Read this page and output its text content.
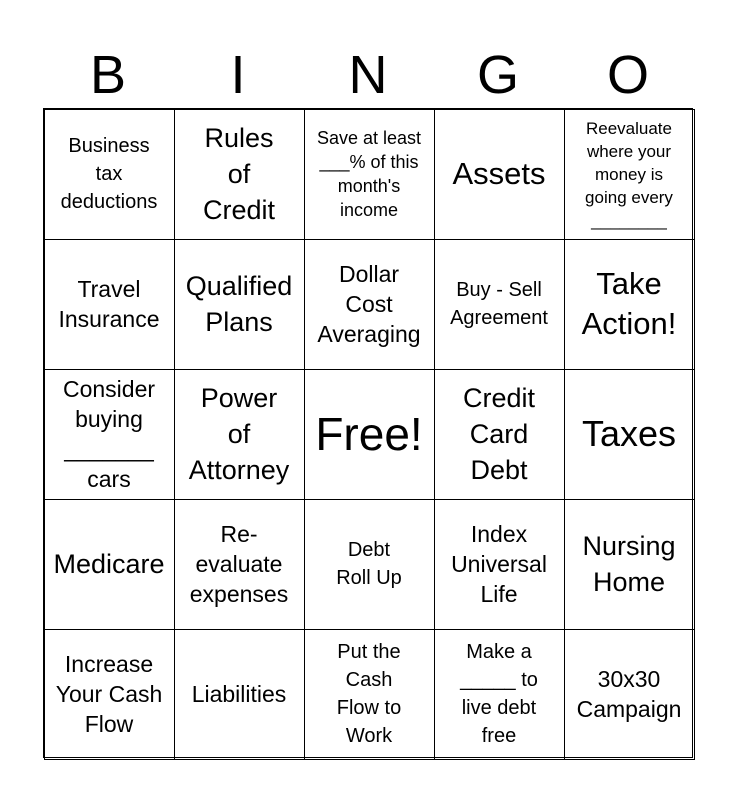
B	I	N	G	O
Business
tax
deductions
Rules
of
Credit
Save at least
___% of this
month's
income
Assets
Reevaluate
where your
money is
going every
________
Travel
Insurance
Qualified
Plans
Dollar
Cost
Averaging
Buy - Sell
Agreement
Take
Action!
Consider
buying
_______
cars
Power
of
Attorney
Free!
Credit
Card
Debt
Taxes
Medicare
Re-
evaluate
expenses
Debt
Roll Up
Index
Universal
Life
Nursing
Home
Increase
Your Cash
Flow
Liabilities
Put the
Cash
Flow to
Work
Make a
_____ to
live debt
free
30x30
Campaign
